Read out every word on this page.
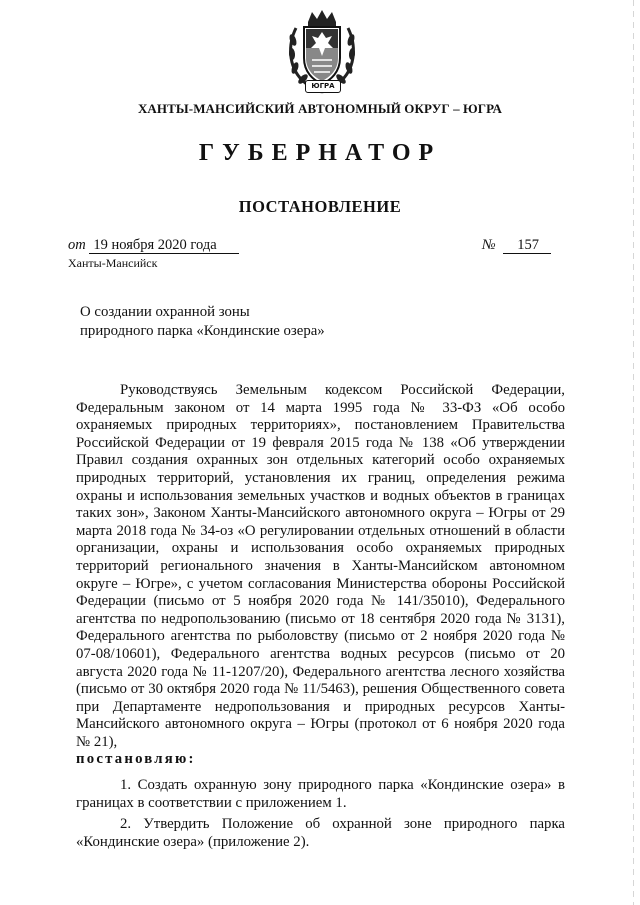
ЮГРА
ХАНТЫ-МАНСИЙСКИЙ АВТОНОМНЫЙ ОКРУГ – ЮГРА
ГУБЕРНАТОР
ПОСТАНОВЛЕНИЕ
от 19 ноября 2020 года	№ 157
Ханты-Мансийск
О создании охранной зоны
природного парка «Кондинские озера»

Руководствуясь Земельным кодексом Российской Федерации, Федеральным законом от 14 марта 1995 года № 33-ФЗ «Об особо охраняемых природных территориях», постановлением Правительства Российской Федерации от 19 февраля 2015 года № 138 «Об утверждении Правил создания охранных зон отдельных категорий особо охраняемых природных территорий, установления их границ, определения режима охраны и использования земельных участков и водных объектов в границах таких зон», Законом Ханты-Мансийского автономного округа – Югры от 29 марта 2018 года № 34-оз «О регулировании отдельных отношений в области организации, охраны и использования особо охраняемых природных территорий регионального значения в Ханты-Мансийском автономном округе – Югре», с учетом согласования Министерства обороны Российской Федерации (письмо от 5 ноября 2020 года № 141/35010), Федерального агентства по недропользованию (письмо от 18 сентября 2020 года № 3131), Федерального агентства по рыболовству (письмо от 2 ноября 2020 года № 07-08/10601), Федерального агентства водных ресурсов (письмо от 20 августа 2020 года № 11-1207/20), Федерального агентства лесного хозяйства (письмо от 30 октября 2020 года № 11/5463), решения Общественного совета при Департаменте недропользования и природных ресурсов Ханты-Мансийского автономного округа – Югры (протокол от 6 ноября 2020 года № 21),
постановляю:

1. Создать охранную зону природного парка «Кондинские озера» в границах в соответствии с приложением 1.

2. Утвердить Положение об охранной зоне природного парка «Кондинские озера» (приложение 2).
